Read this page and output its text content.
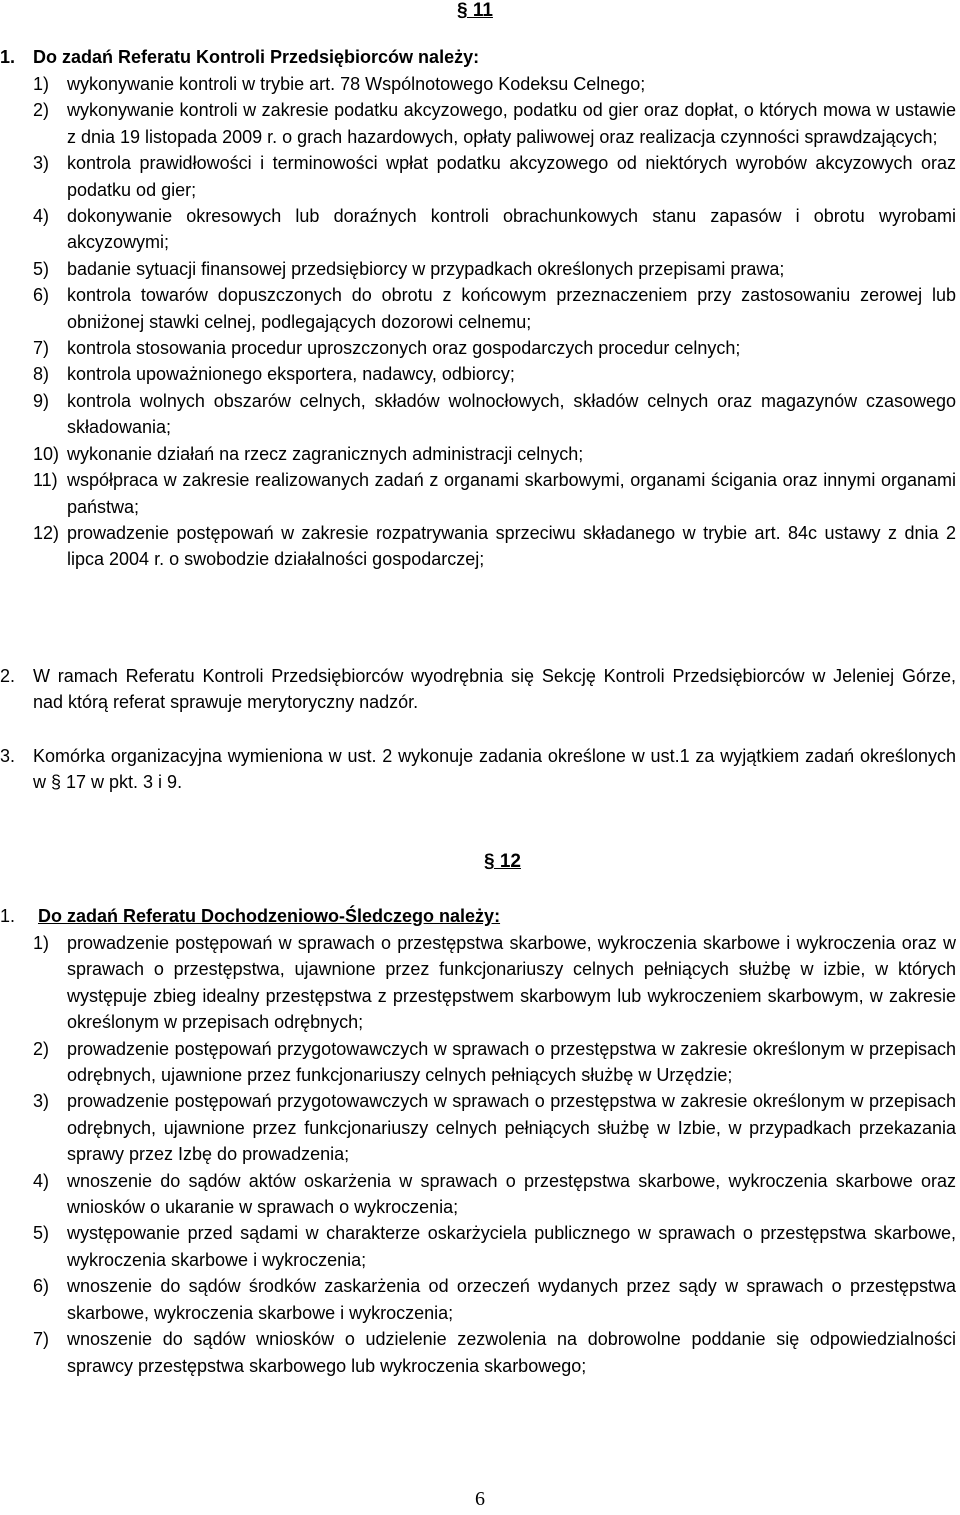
§ 11
1. Do zadań Referatu Kontroli Przedsiębiorców należy:
1) wykonywanie kontroli w trybie art. 78 Wspólnotowego Kodeksu Celnego;
2) wykonywanie kontroli w zakresie podatku akcyzowego, podatku od gier oraz dopłat, o których mowa w ustawie z dnia 19 listopada 2009 r. o grach hazardowych, opłaty paliwowej oraz realizacja czynności sprawdzających;
3) kontrola prawidłowości i terminowości wpłat podatku akcyzowego od niektórych wyrobów akcyzowych oraz podatku od gier;
4) dokonywanie okresowych lub doraźnych kontroli obrachunkowych stanu zapasów i obrotu wyrobami akcyzowymi;
5) badanie sytuacji finansowej przedsiębiorcy w przypadkach określonych przepisami prawa;
6) kontrola towarów dopuszczonych do obrotu z końcowym przeznaczeniem przy zastosowaniu zerowej lub obniżonej stawki celnej, podlegających dozorowi celnemu;
7) kontrola stosowania procedur uproszczonych oraz gospodarczych procedur celnych;
8) kontrola upoważnionego eksportera, nadawcy, odbiorcy;
9) kontrola wolnych obszarów celnych, składów wolnocłowych, składów celnych oraz magazynów czasowego składowania;
10) wykonanie działań na rzecz zagranicznych administracji celnych;
11) współpraca w zakresie realizowanych zadań z organami skarbowymi, organami ścigania oraz innymi organami państwa;
12) prowadzenie postępowań w zakresie rozpatrywania sprzeciwu składanego w trybie art. 84c ustawy z dnia 2 lipca 2004 r. o swobodzie działalności gospodarczej;
2. W ramach Referatu Kontroli Przedsiębiorców wyodrębnia się Sekcję Kontroli Przedsiębiorców w Jeleniej Górze, nad którą referat sprawuje merytoryczny nadzór.
3. Komórka organizacyjna wymieniona w ust. 2 wykonuje zadania określone w ust.1 za wyjątkiem zadań określonych w § 17 w pkt. 3 i 9.
§ 12
1.	Do zadań Referatu Dochodzeniowo-Śledczego należy:
1) prowadzenie postępowań w sprawach o przestępstwa skarbowe, wykroczenia skarbowe i wykroczenia oraz w sprawach o przestępstwa, ujawnione przez funkcjonariuszy celnych pełniących służbę w izbie, w których występuje zbieg idealny przestępstwa z przestępstwem skarbowym lub wykroczeniem skarbowym, w zakresie określonym w przepisach odrębnych;
2) prowadzenie postępowań przygotowawczych w sprawach o przestępstwa w zakresie określonym w przepisach odrębnych, ujawnione przez funkcjonariuszy celnych pełniących służbę w Urzędzie;
3) prowadzenie postępowań przygotowawczych w sprawach o przestępstwa w zakresie określonym w przepisach odrębnych, ujawnione przez funkcjonariuszy celnych pełniących służbę w Izbie, w przypadkach przekazania sprawy przez Izbę do prowadzenia;
4) wnoszenie do sądów aktów oskarżenia w sprawach o przestępstwa skarbowe, wykroczenia skarbowe oraz wniosków o ukaranie w sprawach o wykroczenia;
5) występowanie przed sądami w charakterze oskarżyciela publicznego w sprawach o przestępstwa skarbowe, wykroczenia skarbowe i wykroczenia;
6) wnoszenie do sądów środków zaskarżenia od orzeczeń wydanych przez sądy w sprawach o przestępstwa skarbowe, wykroczenia skarbowe i wykroczenia;
7) wnoszenie do sądów wniosków o udzielenie zezwolenia na dobrowolne poddanie się odpowiedzialności sprawcy przestępstwa skarbowego lub wykroczenia skarbowego;
6
